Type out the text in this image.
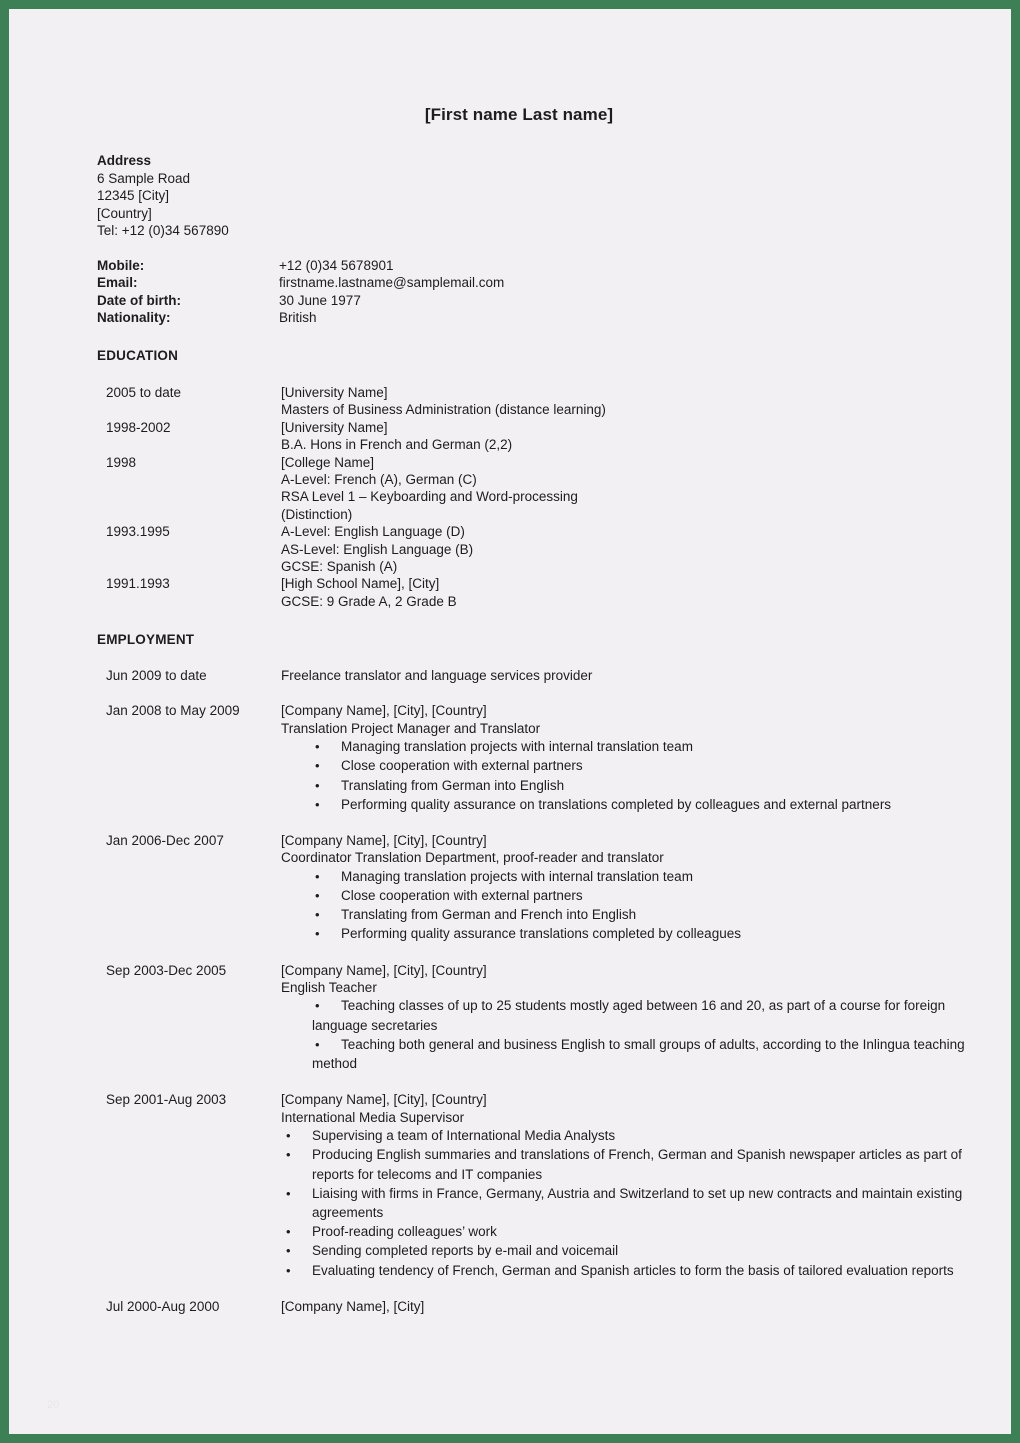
[First name Last name]
Address
6 Sample Road
12345 [City]
[Country]
Tel: +12 (0)34 567890
Mobile:	+12 (0)34 5678901
Email:	firstname.lastname@samplemail.com
Date of birth:	30 June 1977
Nationality:	British
EDUCATION
2005 to date	[University Name]
Masters of Business Administration (distance learning)
1998-2002	[University Name]
B.A. Hons in French and German (2,2)
1998	[College Name]
A-Level: French (A), German (C)
RSA Level 1 – Keyboarding and Word-processing
(Distinction)
1993.1995	A-Level: English Language (D)
AS-Level: English Language (B)
GCSE: Spanish (A)
1991.1993	[High School Name], [City]
GCSE: 9 Grade A, 2 Grade B
EMPLOYMENT
Jun 2009 to date	Freelance translator and language services provider
Jan 2008 to May 2009	[Company Name], [City], [Country]
Translation Project Manager and Translator
• Managing translation projects with internal translation team
• Close cooperation with external partners
• Translating from German into English
• Performing quality assurance on translations completed by colleagues and external partners
Jan 2006-Dec 2007	[Company Name], [City], [Country]
Coordinator Translation Department, proof-reader and translator
• Managing translation projects with internal translation team
• Close cooperation with external partners
• Translating from German and French into English
• Performing quality assurance translations completed by colleagues
Sep 2003-Dec 2005	[Company Name], [City], [Country]
English Teacher
• Teaching classes of up to 25 students mostly aged between 16 and 20, as part of a course for foreign language secretaries
• Teaching both general and business English to small groups of adults, according to the Inlingua teaching method
Sep 2001-Aug 2003	[Company Name], [City], [Country]
International Media Supervisor
• Supervising a team of International Media Analysts
• Producing English summaries and translations of French, German and Spanish newspaper articles as part of reports for telecoms and IT companies
• Liaising with firms in France, Germany, Austria and Switzerland to set up new contracts and maintain existing agreements
• Proof-reading colleagues’ work
• Sending completed reports by e-mail and voicemail
• Evaluating tendency of French, German and Spanish articles to form the basis of tailored evaluation reports
Jul 2000-Aug 2000	[Company Name], [City]
20
